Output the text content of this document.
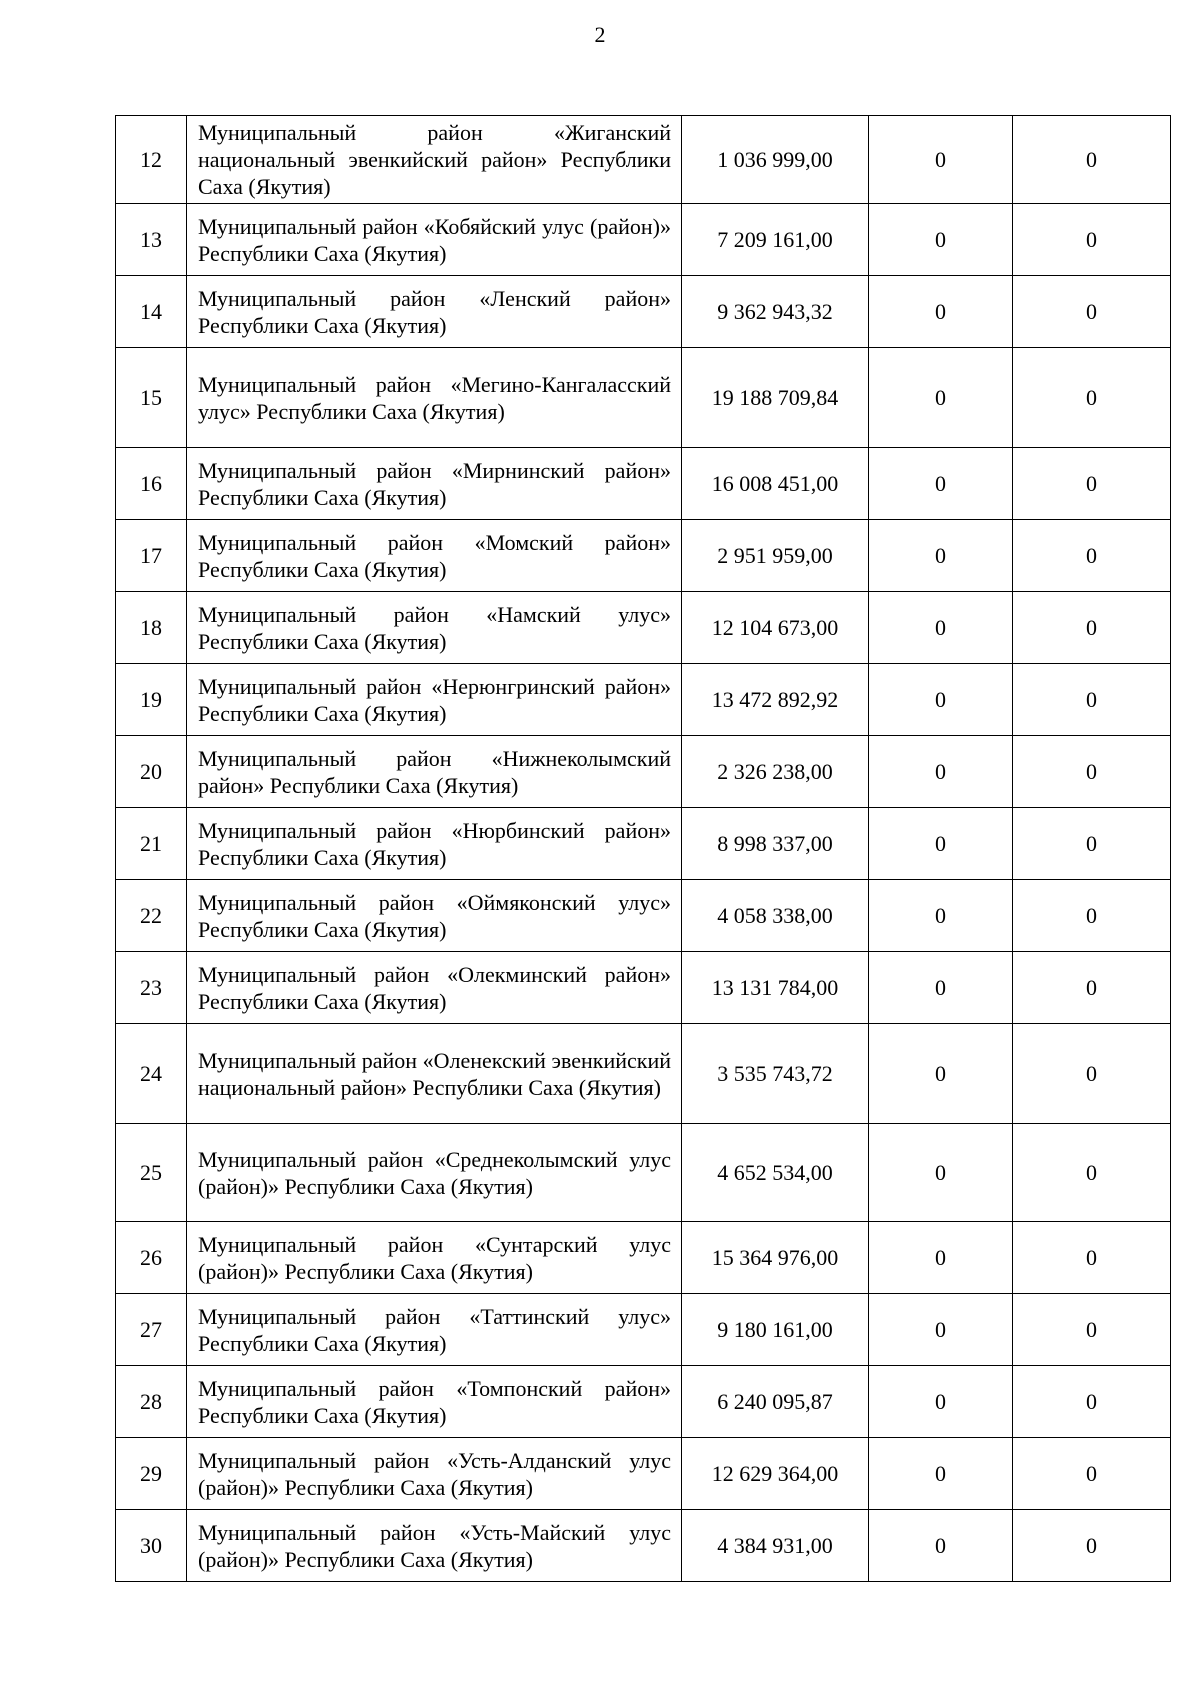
2
12	Муниципальный район «Жиганский национальный эвенкийский район» Республики Саха (Якутия)	1 036 999,00	0	0
13	Муниципальный район «Кобяйский улус (район)» Республики Саха (Якутия)	7 209 161,00	0	0
14	Муниципальный район «Ленский район» Республики Саха (Якутия)	9 362 943,32	0	0
15	Муниципальный район «Мегино-Кангаласский улус» Республики Саха (Якутия)	19 188 709,84	0	0
16	Муниципальный район «Мирнинский район» Республики Саха (Якутия)	16 008 451,00	0	0
17	Муниципальный район «Момский район» Республики Саха (Якутия)	2 951 959,00	0	0
18	Муниципальный район «Намский улус» Республики Саха (Якутия)	12 104 673,00	0	0
19	Муниципальный район «Нерюнгринский район» Республики Саха (Якутия)	13 472 892,92	0	0
20	Муниципальный район «Нижнеколымский район» Республики Саха (Якутия)	2 326 238,00	0	0
21	Муниципальный район «Нюрбинский район» Республики Саха (Якутия)	8 998 337,00	0	0
22	Муниципальный район «Оймяконский улус» Республики Саха (Якутия)	4 058 338,00	0	0
23	Муниципальный район «Олекминский район» Республики Саха (Якутия)	13 131 784,00	0	0
24	Муниципальный район «Оленекский эвенкийский национальный район» Республики Саха (Якутия)	3 535 743,72	0	0
25	Муниципальный район «Среднеколымский улус (район)» Республики Саха (Якутия)	4 652 534,00	0	0
26	Муниципальный район «Сунтарский улус (район)» Республики Саха (Якутия)	15 364 976,00	0	0
27	Муниципальный район «Таттинский улус» Республики Саха (Якутия)	9 180 161,00	0	0
28	Муниципальный район «Томпонский район» Республики Саха (Якутия)	6 240 095,87	0	0
29	Муниципальный район «Усть-Алданский улус (район)» Республики Саха (Якутия)	12 629 364,00	0	0
30	Муниципальный район «Усть-Майский улус (район)» Республики Саха (Якутия)	4 384 931,00	0	0
